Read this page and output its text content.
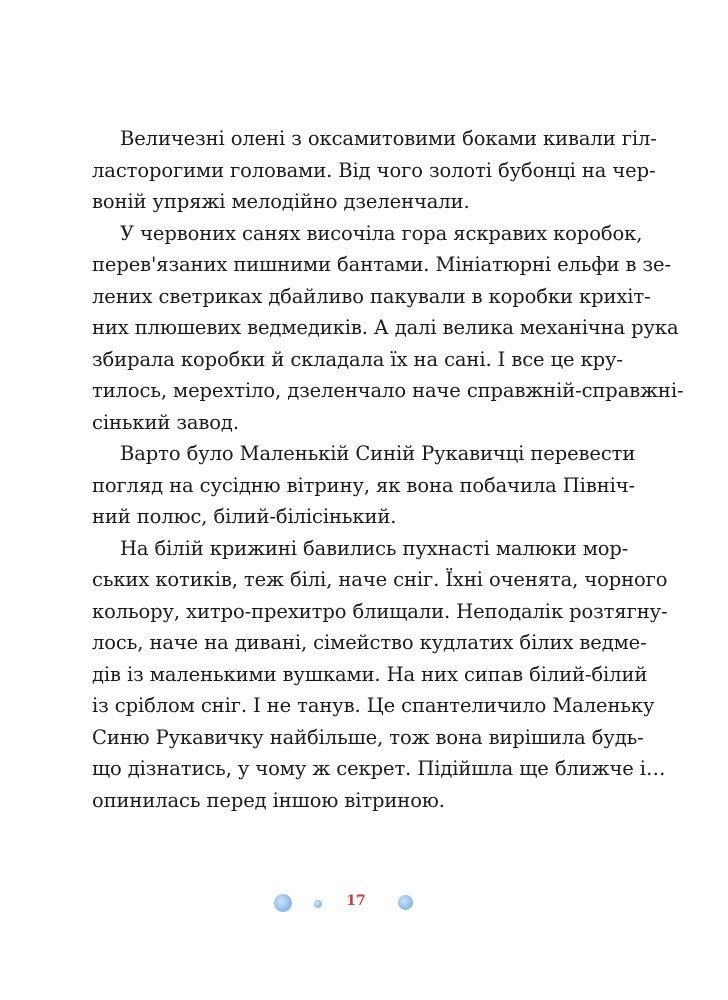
Величезні олені з оксамитовими боками кивали гіл-
ласторогими головами. Від чого золоті бубонці на чер-
воній упряжі мелодійно дзеленчали.
У червоних санях височіла гора яскравих коробок,
перев'язаних пишними бантами. Мініатюрні ельфи в зе-
лених светриках дбайливо пакували в коробки крихіт-
них плюшевих ведмедиків. А далі велика механічна рука
збирала коробки й складала їх на сані. І все це кру-
тилось, мерехтіло, дзеленчало наче справжній-справжні-
сінький завод.
Варто було Маленькій Синій Рукавичці перевести
погляд на сусідню вітрину, як вона побачила Північ-
ний полюс, білий-білісінький.
На білій крижині бавились пухнасті малюки мор-
ських котиків, теж білі, наче сніг. Їхні оченята, чорного
кольору, хитро-прехитро блищали. Неподалік розтягну-
лось, наче на дивані, сімейство кудлатих білих ведме-
дів із маленькими вушками. На них сипав білий-білий
із сріблом сніг. І не танув. Це спантеличило Маленьку
Синю Рукавичку найбільше, тож вона вирішила будь-
що дізнатись, у чому ж секрет. Підійшла ще ближче і…
опинилась перед іншою вітриною.
17
